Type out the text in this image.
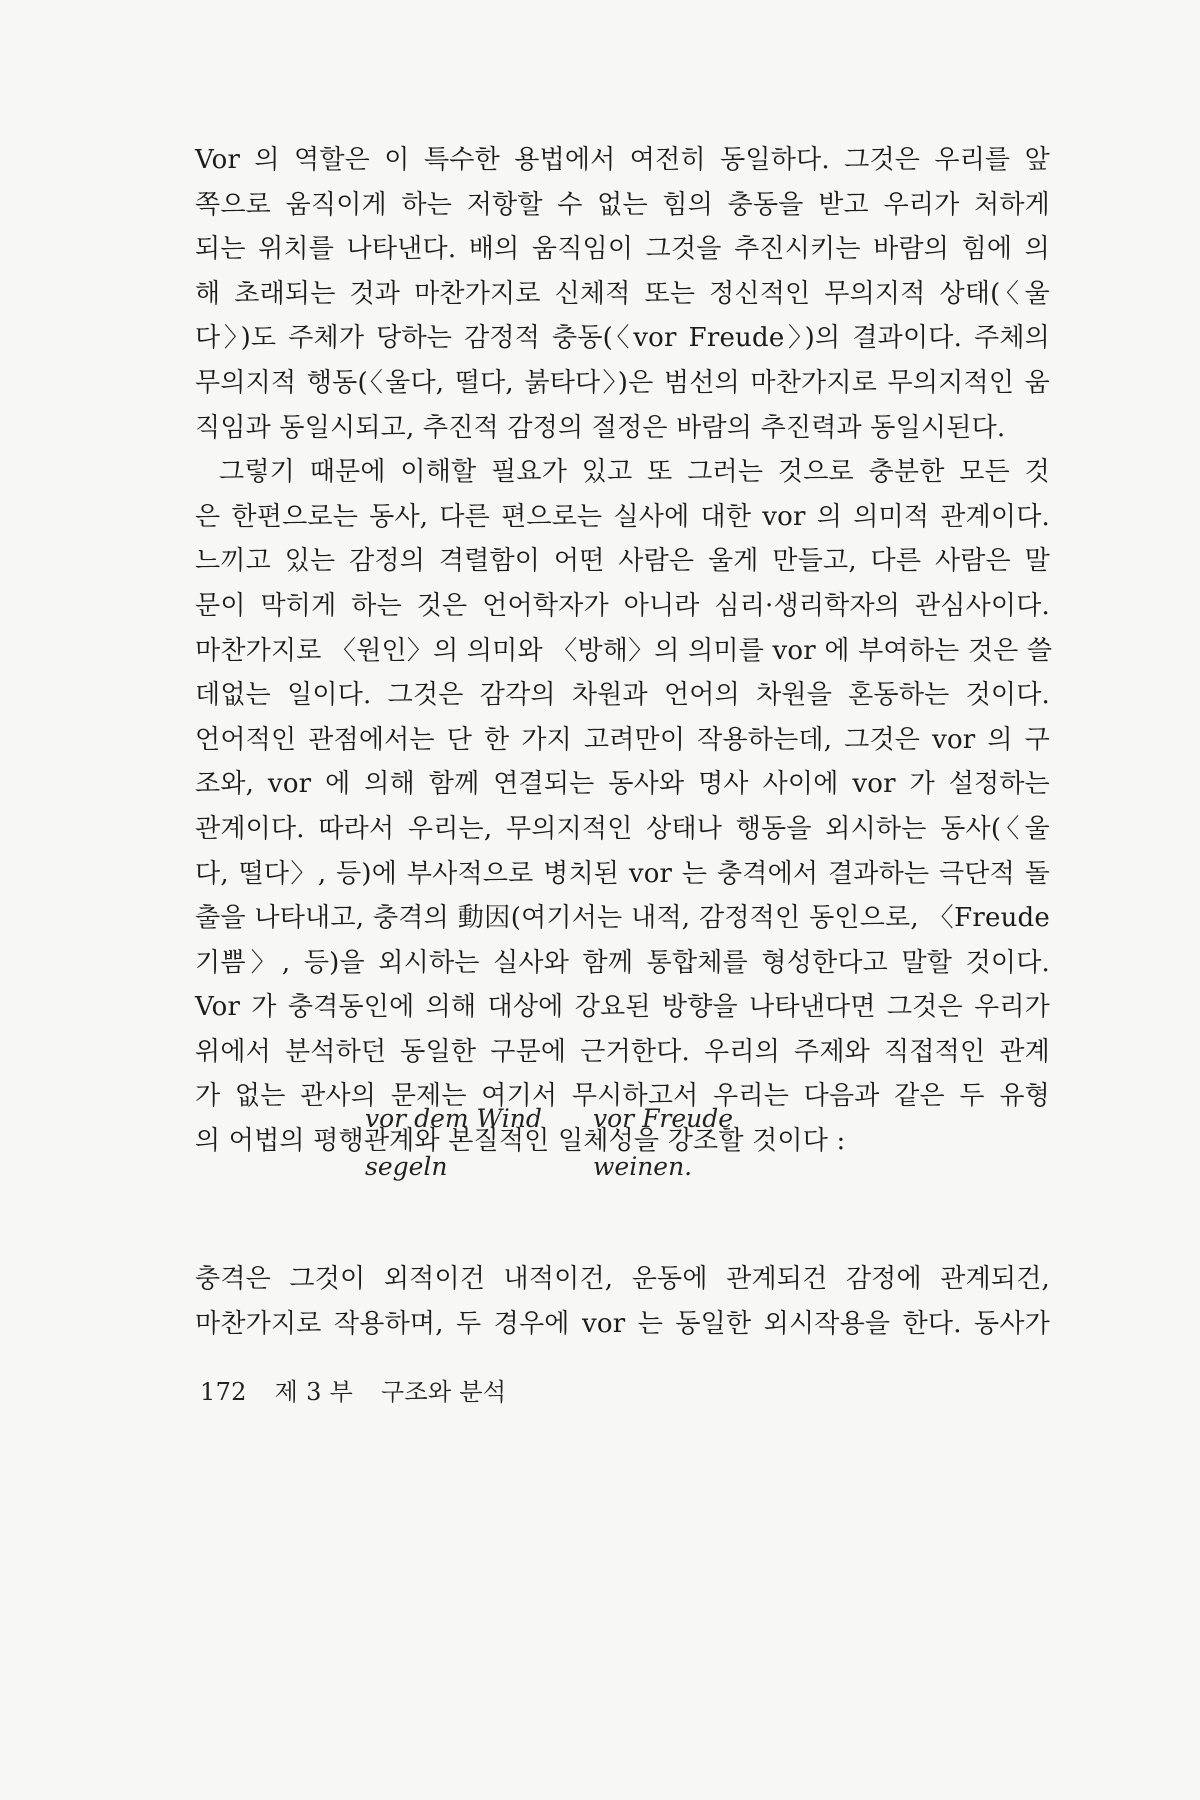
Vor 의 역할은 이 특수한 용법에서 여전히 동일하다. 그것은 우리를 앞
쪽으로 움직이게 하는 저항할 수 없는 힘의 충동을 받고 우리가 처하게
되는 위치를 나타낸다. 배의 움직임이 그것을 추진시키는 바람의 힘에 의
해 초래되는 것과 마찬가지로 신체적 또는 정신적인 무의지적 상태(〈울
다〉)도 주체가 당하는 감정적 충동(〈vor Freude〉)의 결과이다. 주체의
무의지적 행동(〈울다, 떨다, 붉타다〉)은 범선의 마찬가지로 무의지적인 움
직임과 동일시되고, 추진적 감정의 절정은 바람의 추진력과 동일시된다.
그렇기 때문에 이해할 필요가 있고 또 그러는 것으로 충분한 모든 것
은 한편으로는 동사, 다른 편으로는 실사에 대한 vor 의 의미적 관계이다.
느끼고 있는 감정의 격렬함이 어떤 사람은 울게 만들고, 다른 사람은 말
문이 막히게 하는 것은 언어학자가 아니라 심리·생리학자의 관심사이다.
마찬가지로 〈원인〉의 의미와 〈방해〉의 의미를 vor 에 부여하는 것은 쓸
데없는 일이다. 그것은 감각의 차원과 언어의 차원을 혼동하는 것이다.
언어적인 관점에서는 단 한 가지 고려만이 작용하는데, 그것은 vor 의 구
조와, vor 에 의해 함께 연결되는 동사와 명사 사이에 vor 가 설정하는
관계이다. 따라서 우리는, 무의지적인 상태나 행동을 외시하는 동사(〈울
다, 떨다〉, 등)에 부사적으로 병치된 vor 는 충격에서 결과하는 극단적 돌
출을 나타내고, 충격의 動因(여기서는 내적, 감정적인 동인으로, 〈Freude
기쁨〉, 등)을 외시하는 실사와 함께 통합체를 형성한다고 말할 것이다.
Vor 가 충격동인에 의해 대상에 강요된 방향을 나타낸다면 그것은 우리가
위에서 분석하던 동일한 구문에 근거한다. 우리의 주제와 직접적인 관계
가 없는 관사의 문제는 여기서 무시하고서 우리는 다음과 같은 두 유형
의 어법의 평행관계와 본질적인 일체성을 강조할 것이다 :
vor dem Wind	vor Freude
segeln	weinen.
충격은 그것이 외적이건 내적이건, 운동에 관계되건 감정에 관계되건,
마찬가지로 작용하며, 두 경우에 vor 는 동일한 외시작용을 한다. 동사가
172 제 3 부 구조와 분석
